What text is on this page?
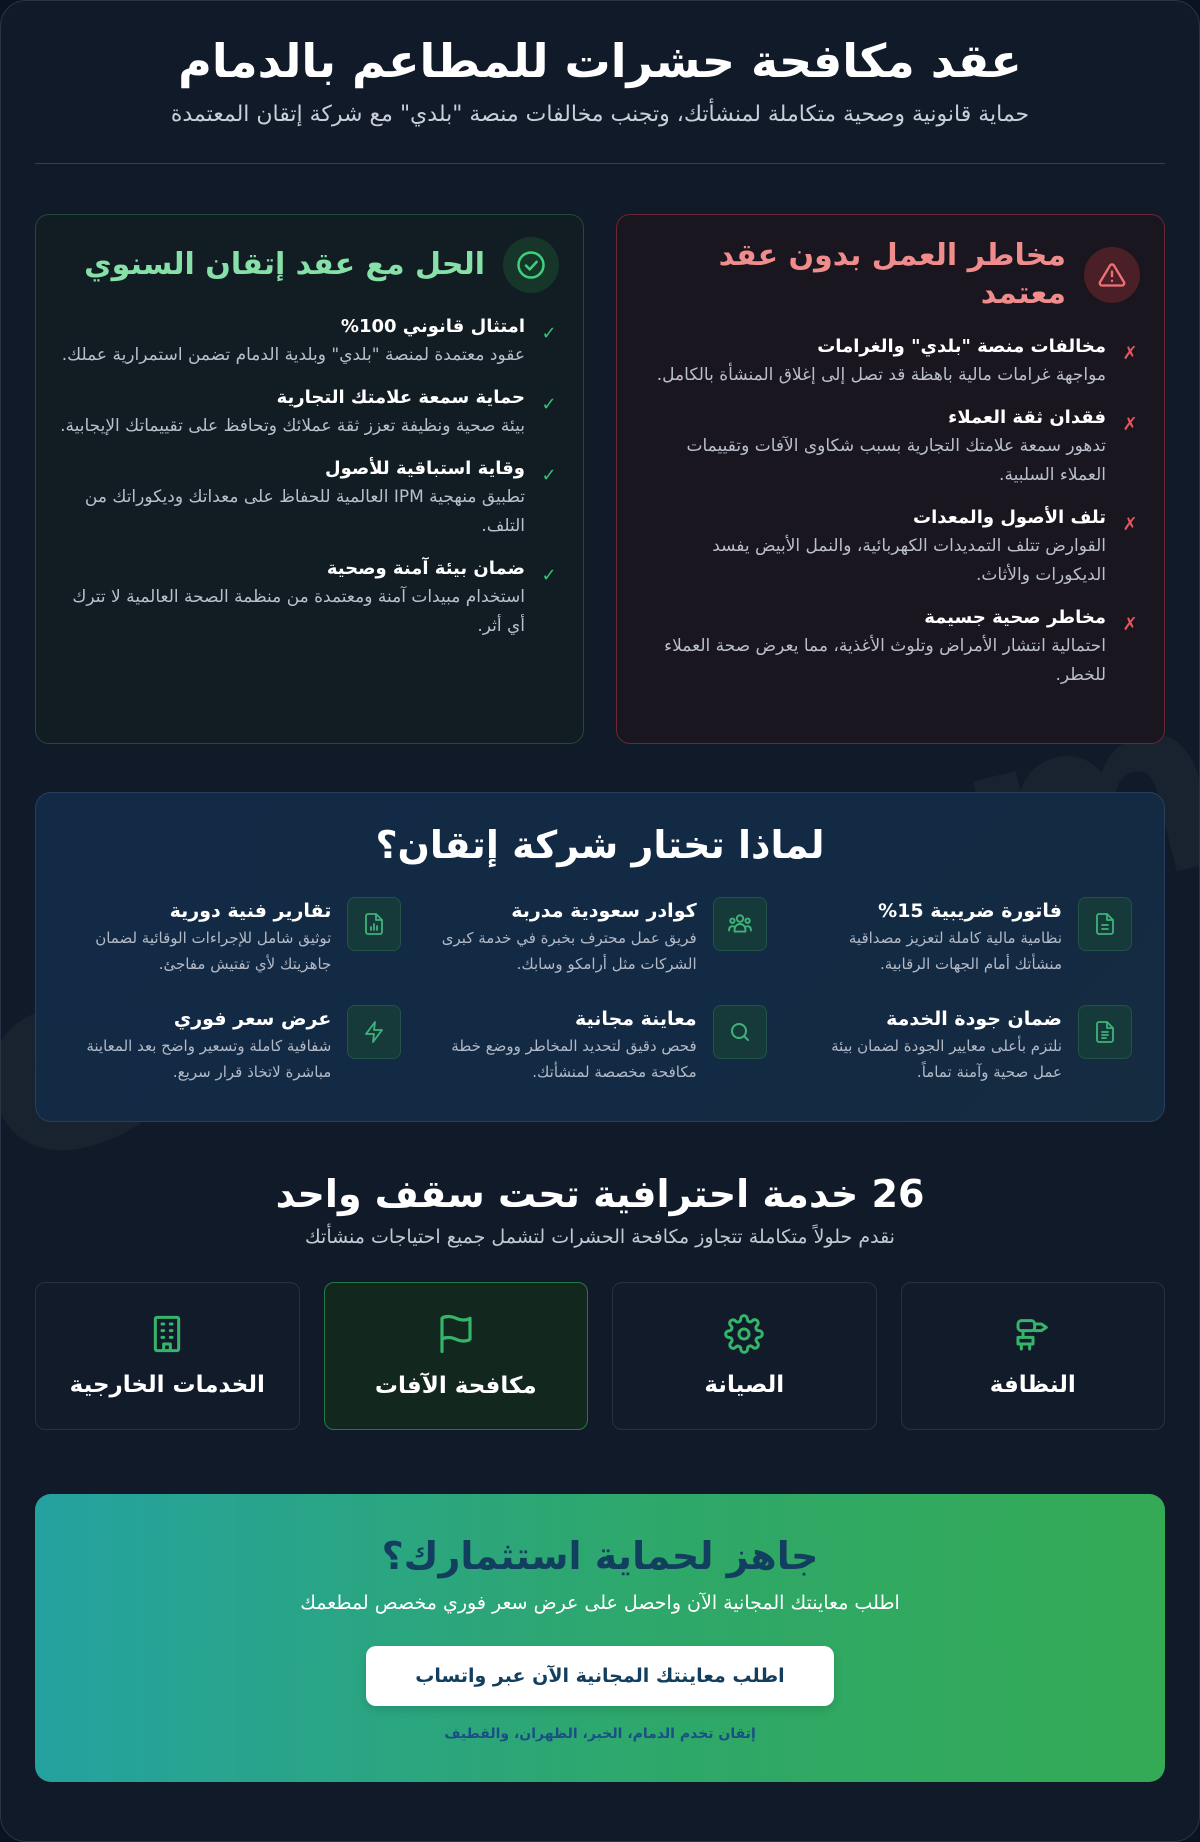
عقد مكافحة حشرات للمطاعم بالدمام

حماية قانونية وصحية متكاملة لمنشأتك، وتجنب مخالفات منصة "بلدي" مع شركة إتقان المعتمدة

مخاطر العمل بدون عقد معتمد
✗
مخالفات منصة "بلدي" والغرامات
مواجهة غرامات مالية باهظة قد تصل إلى إغلاق المنشأة بالكامل.
✗
فقدان ثقة العملاء
تدهور سمعة علامتك التجارية بسبب شكاوى الآفات وتقييمات العملاء السلبية.
✗
تلف الأصول والمعدات
القوارض تتلف التمديدات الكهربائية، والنمل الأبيض يفسد الديكورات والأثاث.
✗
مخاطر صحية جسيمة
احتمالية انتشار الأمراض وتلوث الأغذية، مما يعرض صحة العملاء للخطر.
الحل مع عقد إتقان السنوي
✓
امتثال قانوني 100%
عقود معتمدة لمنصة "بلدي" وبلدية الدمام تضمن استمرارية عملك.
✓
حماية سمعة علامتك التجارية
بيئة صحية ونظيفة تعزز ثقة عملائك وتحافظ على تقييماتك الإيجابية.
✓
وقاية استباقية للأصول
تطبيق منهجية IPM العالمية للحفاظ على معداتك وديكوراتك من التلف.
✓
ضمان بيئة آمنة وصحية
استخدام مبيدات آمنة ومعتمدة من منظمة الصحة العالمية لا تترك أي أثر.
لماذا تختار شركة إتقان؟
فاتورة ضريبية 15%
نظامية مالية كاملة لتعزيز مصداقية منشأتك أمام الجهات الرقابية.
كوادر سعودية مدربة
فريق عمل محترف بخبرة في خدمة كبرى الشركات مثل أرامكو وسابك.
تقارير فنية دورية
توثيق شامل للإجراءات الوقائية لضمان جاهزيتك لأي تفتيش مفاجئ.
ضمان جودة الخدمة
نلتزم بأعلى معايير الجودة لضمان بيئة عمل صحية وآمنة تماماً.
معاينة مجانية
فحص دقيق لتحديد المخاطر ووضع خطة مكافحة مخصصة لمنشأتك.
عرض سعر فوري
شفافية كاملة وتسعير واضح بعد المعاينة مباشرة لاتخاذ قرار سريع.
26 خدمة احترافية تحت سقف واحد

نقدم حلولاً متكاملة تتجاوز مكافحة الحشرات لتشمل جميع احتياجات منشأتك

النظافة
الصيانة
مكافحة الآفات
الخدمات الخارجية
جاهز لحماية استثمارك؟

اطلب معاينتك المجانية الآن واحصل على عرض سعر فوري مخصص لمطعمك

اطلب معاينتك المجانية الآن عبر واتساب
إتقان تخدم الدمام، الخبر، الظهران، والقطيف
